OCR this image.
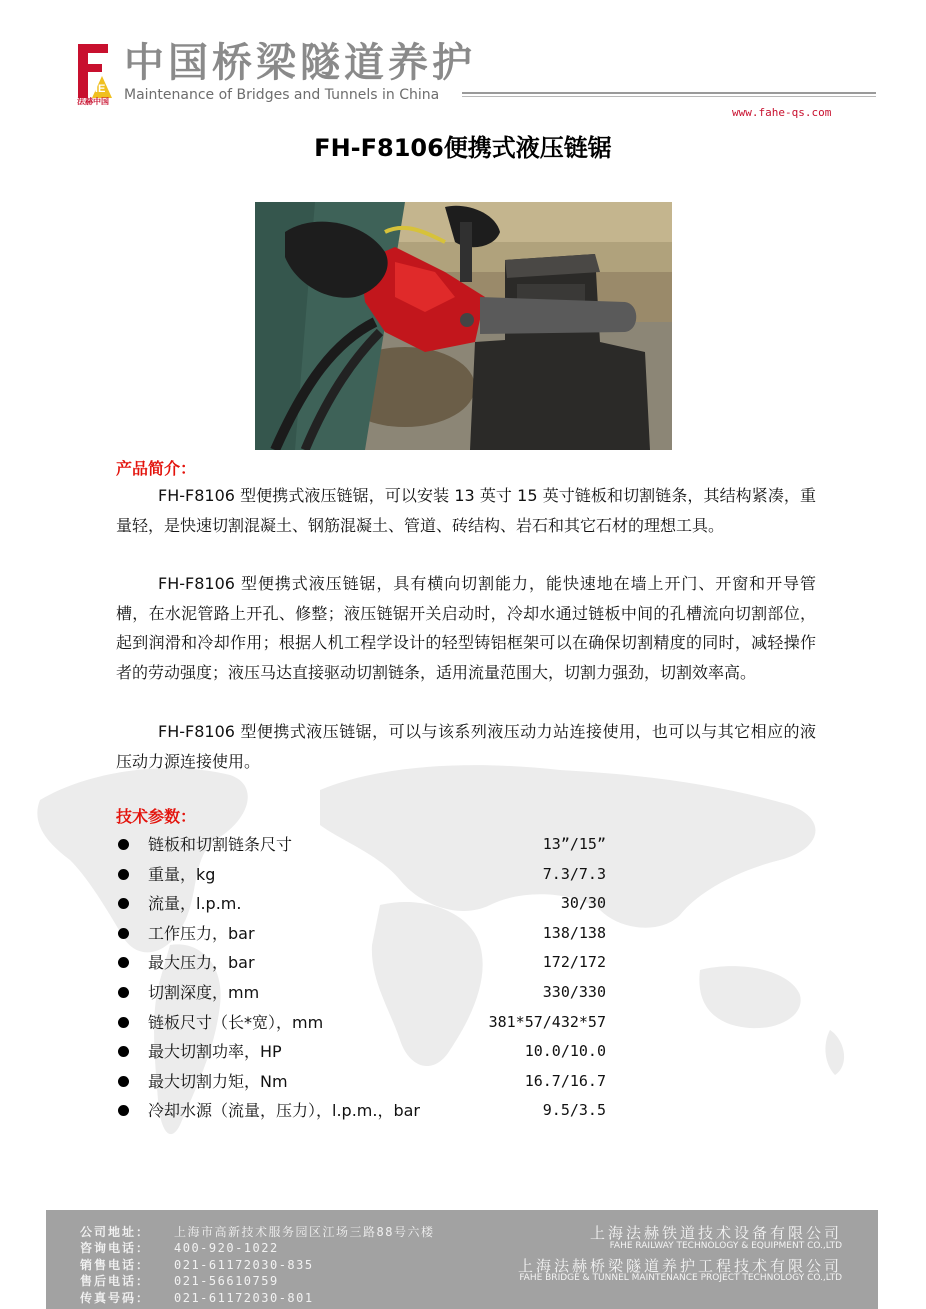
HE
法赫中国
中国桥梁隧道养护
Maintenance of Bridges and Tunnels in China
www.fahe-qs.com
FH-F8106便携式液压链锯
产品简介：

FH-F8106 型便携式液压链锯，可以安装 13 英寸 15 英寸链板和切割链条，其结构紧凑，重量轻，是快速切割混凝土、钢筋混凝土、管道、砖结构、岩石和其它石材的理想工具。

FH-F8106 型便携式液压链锯，具有横向切割能力，能快速地在墙上开门、开窗和开导管槽，在水泥管路上开孔、修整；液压链锯开关启动时，冷却水通过链板中间的孔槽流向切割部位，起到润滑和冷却作用；根据人机工程学设计的轻型铸铝框架可以在确保切割精度的同时，减轻操作者的劳动强度；液压马达直接驱动切割链条，适用流量范围大，切割力强劲，切割效率高。

FH-F8106 型便携式液压链锯，可以与该系列液压动力站连接使用，也可以与其它相应的液压动力源连接使用。

技术参数：
链板和切割链条尺寸	13”/15”
重量，kg	7.3/7.3
流量，l.p.m.	30/30
工作压力，bar	138/138
最大压力，bar	172/172
切割深度，mm	330/330
链板尺寸（长*宽），mm	381*57/432*57
最大切割功率，HP	10.0/10.0
最大切割力矩，Nm	16.7/16.7
冷却水源（流量，压力），l.p.m.，bar	9.5/3.5
公司地址： 上海市高新技术服务园区江场三路88号六楼
咨询电话： 400-920-1022
销售电话： 021-61172030-835
售后电话： 021-56610759
传真号码： 021-61172030-801
上海法赫铁道技术设备有限公司
FAHE RAILWAY TECHNOLOGY & EQUIPMENT CO.,LTD
上海法赫桥梁隧道养护工程技术有限公司
FAHE BRIDGE & TUNNEL MAINTENANCE PROJECT TECHNOLOGY CO.,LTD
